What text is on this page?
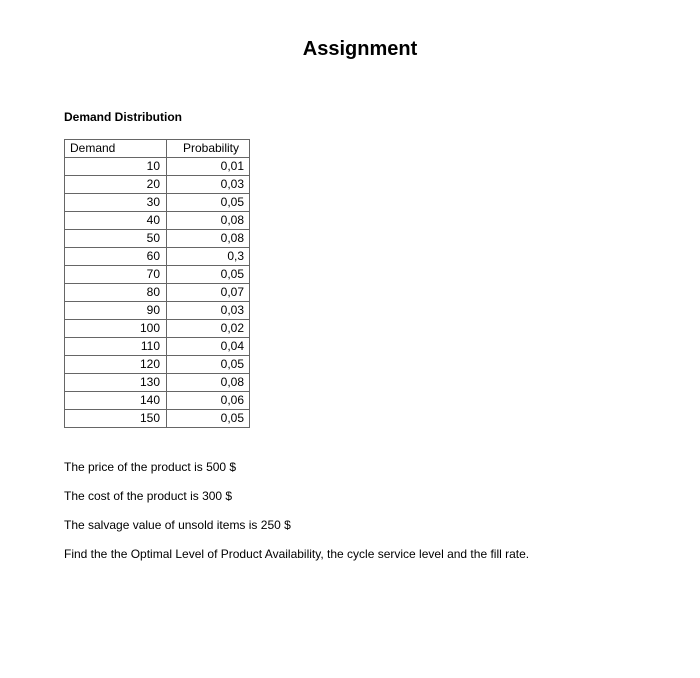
Assignment
Demand Distribution
Demand	Probability
10	0,01
20	0,03
30	0,05
40	0,08
50	0,08
60	0,3
70	0,05
80	0,07
90	0,03
100	0,02
110	0,04
120	0,05
130	0,08
140	0,06
150	0,05
The price of the product is 500 $
The cost of the product is 300 $
The salvage value of unsold items is 250 $
Find the the Optimal Level of Product Availability, the cycle service level and the fill rate.
